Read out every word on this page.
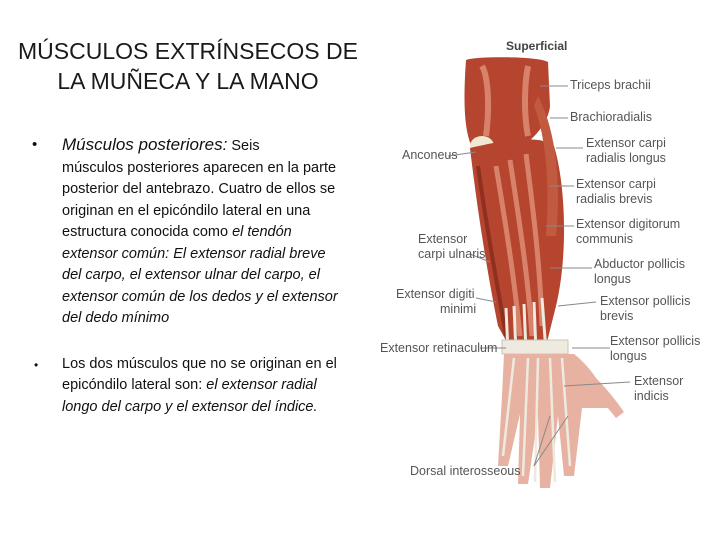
MÚSCULOS EXTRÍNSECOS DE
LA MUÑECA Y LA MANO
• Músculos posteriores: Seis
músculos posteriores aparecen en la parte posterior del antebrazo. Cuatro de ellos se originan en el epicóndilo lateral en una estructura conocida como el tendón extensor común: El extensor radial breve del carpo, el extensor ulnar del carpo, el extensor común de los dedos y el extensor del dedo mínimo
• Los dos músculos que no se originan en el epicóndilo lateral son: el extensor radial longo del carpo y el extensor del índice.
Superficial
Triceps brachii
Brachioradialis
Extensor carpi
radialis longus
Anconeus
Extensor carpi
radialis brevis
Extensor digitorum
communis
Extensor
carpi ulnaris
Abductor pollicis
longus
Extensor digiti
minimi
Extensor pollicis
brevis
Extensor retinaculum	Extensor pollicis
longus
Extensor
indicis
Dorsal interosseous
